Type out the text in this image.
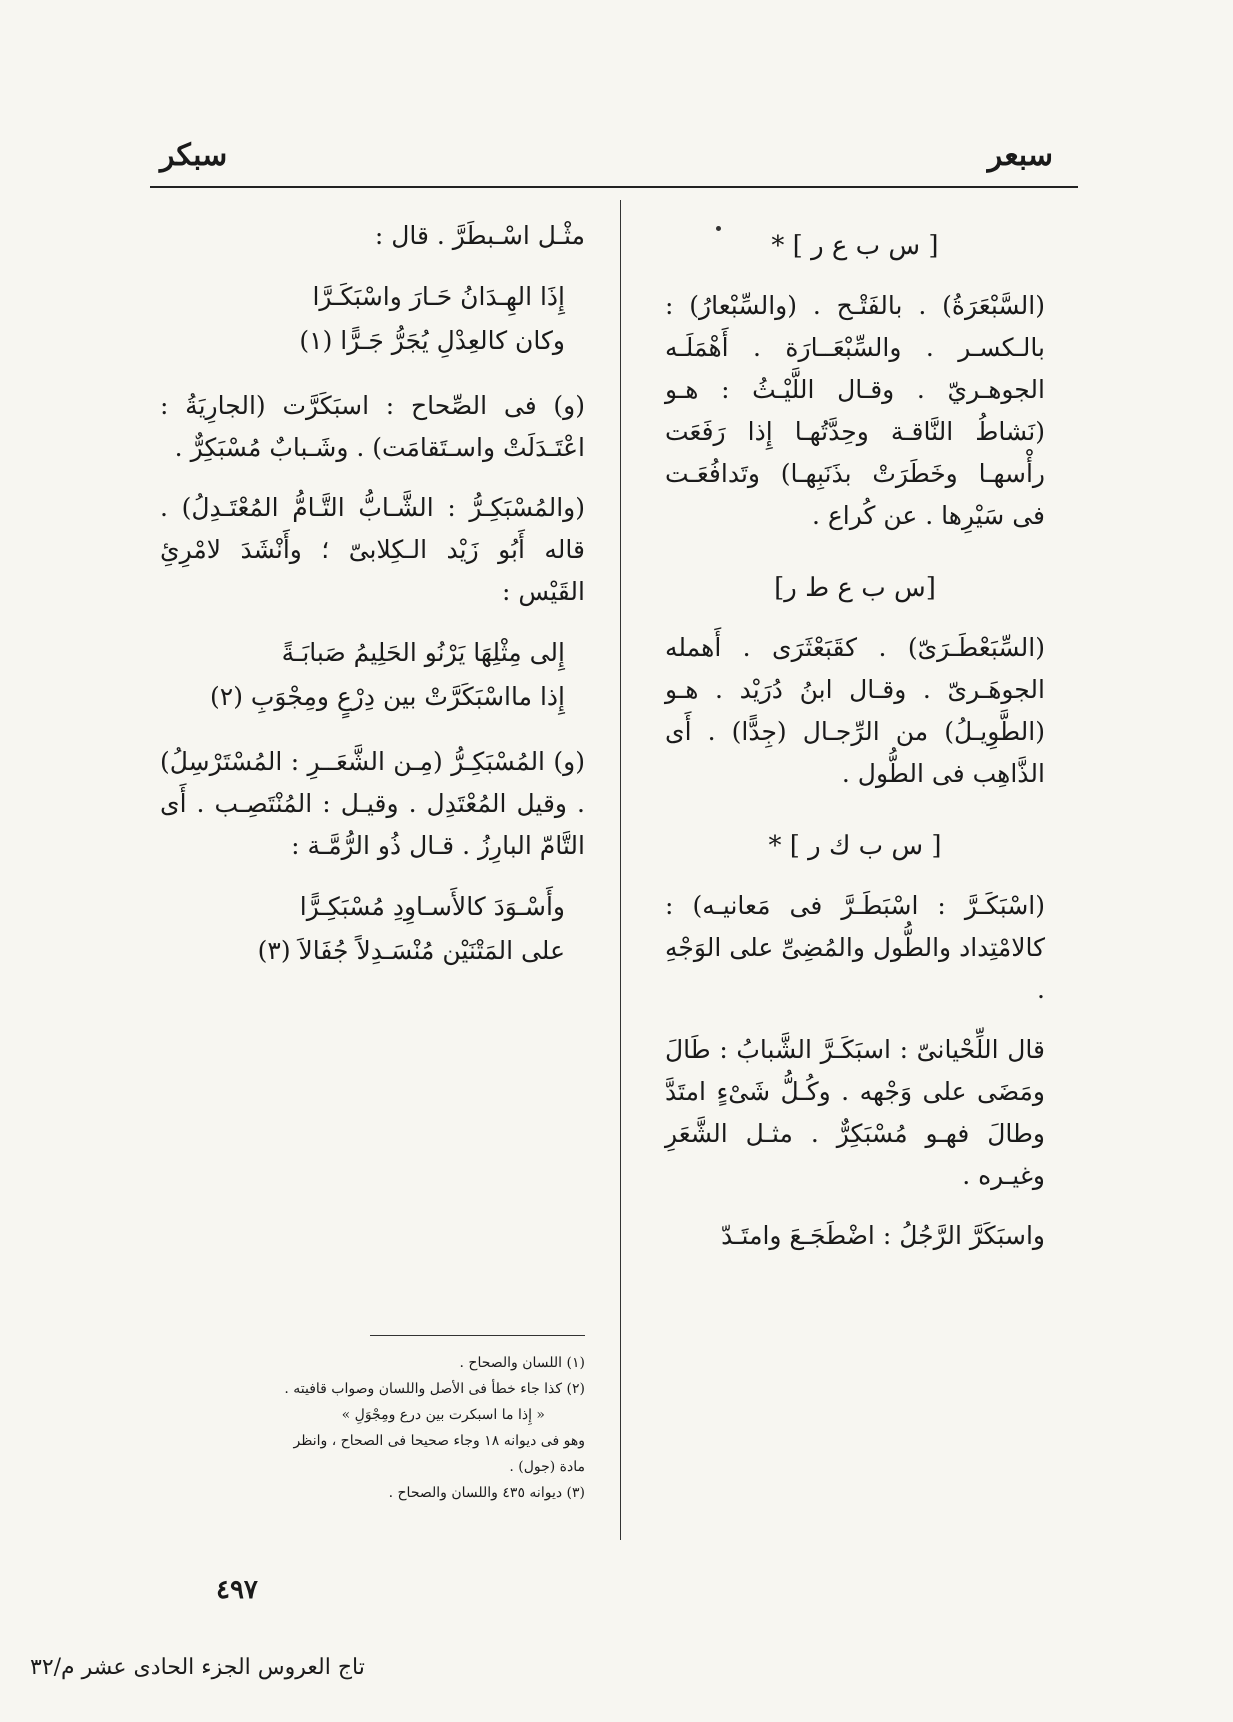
سبكر	سبعر

[ س ب ع ر ] *

(السَّبْعَرَةُ) . بالفَتْـح . (والسِّبْعارُ) : بالـكسـر . والسِّبْعَــارَة . أَهْمَلَـه الجوهـريّ . وقـال اللَّيْـثُ : هـو (نَشاطُ النَّاقـة وحِدَّتُهـا إِذا رَفَعَت رأْسهـا وخَطَرَتْ بذَنَبِهـا) وتَدافُعَـت فى سَيْرِها . عن كُراع .

[س ب ع ط ر]

(السِّبَعْطَـرَىّ) . كقَبَعْثَرَى . أَهمله الجوهَـرىّ . وقـال ابنُ دُرَيْد . هـو (الطَّوِيـلُ) من الرِّجـال (جِدًّا) . أَى الذَّاهِب فى الطُّول .

[ س ب ك ر ] *

(اسْبَكَـرَّ : اسْبَطَـرَّ فى مَعانيـه) : كالامْتِداد والطُّول والمُضِىِّ على الوَجْهِ .

قال اللِّحْيانىّ : اسبَكَـرَّ الشَّبابُ : طَالَ ومَضَى على وَجْهه . وكُـلُّ شَىْءٍ امتَدَّ وطالَ فهـو مُسْبَكِرٌّ . مثـل الشَّعَرِ وغيـره .

واسبَكَرَّ الرَّجُلُ : اضْطَجَـعَ وامتَـدّ

مثْـل اسْـبطَرَّ . قال :

إِذَا الهِـدَانُ حَـارَ واسْبَكَـرَّا
وكان كالعِدْلِ يُجَرُّ جَـرًّا (١)

(و) فى الصِّحاح : اسبَكَرَّت (الجارِيَةُ : اعْتَـدَلَتْ واسـتَقامَت) . وشَـبابٌ مُسْبَكِرٌّ .

(والمُسْبَكِـرُّ : الشَّـابُّ التَّـامُّ المُعْتَـدِلُ) . قاله أَبُو زَيْد الـكِلابىّ ؛ وأَنْشَدَ لامْرِئِ القَيْس :

إِلى مِثْلِهَا يَرْنُو الحَلِيمُ صَبابَـةً
إِذا مااسْبَكَرَّتْ بين دِرْعٍ ومِجْوَبِ (٢)

(و) المُسْبَكِـرُّ (مِـن الشَّعَــرِ : المُسْتَرْسِلُ) . وقيل المُعْتَدِل . وقيـل : المُنْتَصِـب . أَى التَّامّ البارِزُ . قـال ذُو الرُّمَّـة :

وأَسْـوَدَ كالأَسـاوِدِ مُسْبَكِـرًّا
على المَتْنَيْن مُنْسَـدِلاً جُفَالاَ (٣)
(١) اللسان والصحاح .
(٢) كذا جاء خطأ فى الأصل واللسان وصواب قافيته .
« إِذا ما اسبكرت بين درع ومِجْوَلِ »
وهو فى ديوانه ١٨ وجاء صحيحا فى الصحاح ، وانظر
مادة (جول) .
(٣) ديوانه ٤٣٥ واللسان والصحاح .
٤٩٧
تاج العروس الجزء الحادى عشر م/٣٢
